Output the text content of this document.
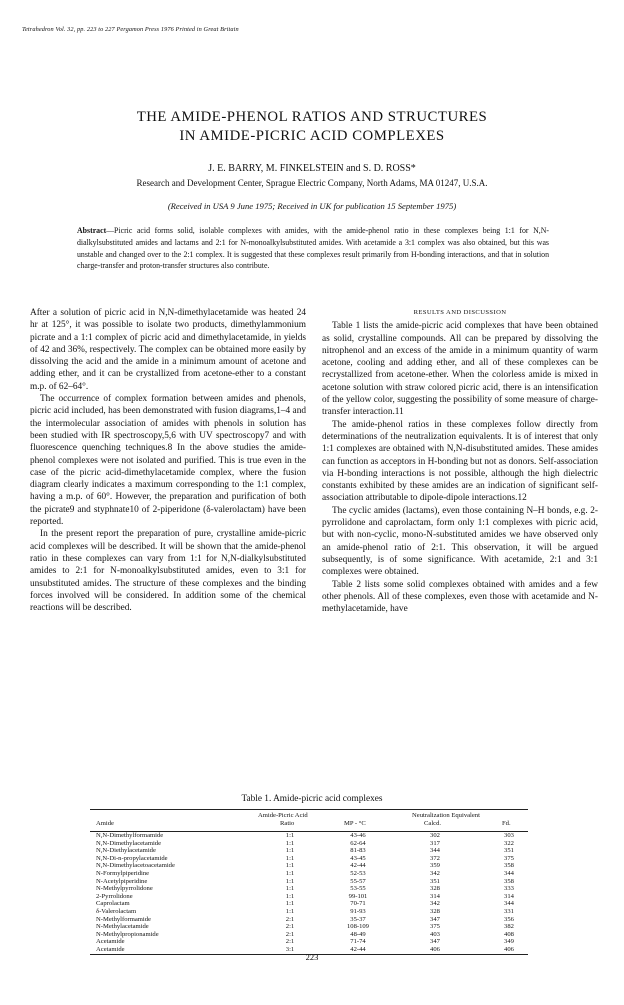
Tetrahedron Vol. 32, pp. 223 to 227 Pergamon Press 1976 Printed in Great Britain
THE AMIDE-PHENOL RATIOS AND STRUCTURES
IN AMIDE-PICRIC ACID COMPLEXES
J. E. BARRY, M. FINKELSTEIN and S. D. ROSS*
Research and Development Center, Sprague Electric Company, North Adams, MA 01247, U.S.A.
(Received in USA 9 June 1975; Received in UK for publication 15 September 1975)
Abstract—Picric acid forms solid, isolable complexes with amides, with the amide-phenol ratio in these complexes being 1:1 for N,N-dialkylsubstituted amides and lactams and 2:1 for N-monoalkylsubstituted amides. With acetamide a 3:1 complex was also obtained, but this was unstable and changed over to the 2:1 complex. It is suggested that these complexes result primarily from H-bonding interactions, and that in solution charge-transfer and proton-transfer structures also contribute.

After a solution of picric acid in N,N-dimethylacetamide was heated 24 hr at 125°, it was possible to isolate two products, dimethylammonium picrate and a 1:1 complex of picric acid and dimethylacetamide, in yields of 42 and 36%, respectively. The complex can be obtained more easily by dissolving the acid and the amide in a minimum amount of acetone and adding ether, and it can be crystallized from acetone-ether to a constant m.p. of 62–64°.

The occurrence of complex formation between amides and phenols, picric acid included, has been demonstrated with fusion diagrams,1–4 and the intermolecular association of amides with phenols in solution has been studied with IR spectroscopy,5,6 with UV spectroscopy7 and with fluorescence quenching techniques.8 In the above studies the amide-phenol complexes were not isolated and purified. This is true even in the case of the picric acid-dimethylacetamide complex, where the fusion diagram clearly indicates a maximum corresponding to the 1:1 complex, having a m.p. of 60°. However, the preparation and purification of both the picrate9 and styphnate10 of 2-piperidone (δ-valerolactam) have been reported.

In the present report the preparation of pure, crystalline amide-picric acid complexes will be described. It will be shown that the amide-phenol ratio in these complexes can vary from 1:1 for N,N-dialkylsubstituted amides to 2:1 for N-monoalkylsubstituted amides, even to 3:1 for unsubstituted amides. The structure of these complexes and the binding forces involved will be considered. In addition some of the chemical reactions will be described.

RESULTS AND DISCUSSION

Table 1 lists the amide-picric acid complexes that have been obtained as solid, crystalline compounds. All can be prepared by dissolving the nitrophenol and an excess of the amide in a minimum quantity of warm acetone, cooling and adding ether, and all of these complexes can be recrystallized from acetone-ether. When the colorless amide is mixed in acetone solution with straw colored picric acid, there is an intensification of the yellow color, suggesting the possibility of some measure of charge-transfer interaction.11

The amide-phenol ratios in these complexes follow directly from determinations of the neutralization equivalents. It is of interest that only 1:1 complexes are obtained with N,N-disubstituted amides. These amides can function as acceptors in H-bonding but not as donors. Self-association via H-bonding interactions is not possible, although the high dielectric constants exhibited by these amides are an indication of significant self-association attributable to dipole-dipole interactions.12

The cyclic amides (lactams), even those containing N–H bonds, e.g. 2-pyrrolidone and caprolactam, form only 1:1 complexes with picric acid, but with non-cyclic, mono-N-substituted amides we have observed only an amide-phenol ratio of 2:1. This observation, it will be argued subsequently, is of some significance. With acetamide, 2:1 and 3:1 complexes were obtained.

Table 2 lists some solid complexes obtained with amides and a few other phenols. All of these complexes, even those with acetamide and N-methylacetamide, have

Table 1. Amide-picric acid complexes
Amide-Picric Acid
Ratio	MP - °C
Neutralization Equivalent
Calcd.	Fd.
Amide
N,N-Dimethylformamide	1:1	43-46	302	303
N,N-Dimethylacetamide	1:1	62-64	317	322
N,N-Diethylacetamide	1:1	81-83	344	351
N,N-Di-n-propylacetamide	1:1	43-45	372	375
N,N-Dimethylacetoacetamide	1:1	42-44	359	358
N-Formylpiperidine	1:1	52-53	342	344
N-Acetylpiperidine	1:1	55-57	351	358
N-Methylpyrrolidone	1:1	53-55	328	333
2-Pyrrolidone	1:1	99-101	314	314
Caprolactam	1:1	70-71	342	344
δ-Valerolactam	1:1	91-93	328	331
N-Methylformamide	2:1	35-37	347	356
N-Methylacetamide	2:1	108-109	375	382
N-Methylpropionamide	2:1	48-49	403	408
Acetamide	2:1	71-74	347	349
Acetamide	3:1	42-44	406	406
223
